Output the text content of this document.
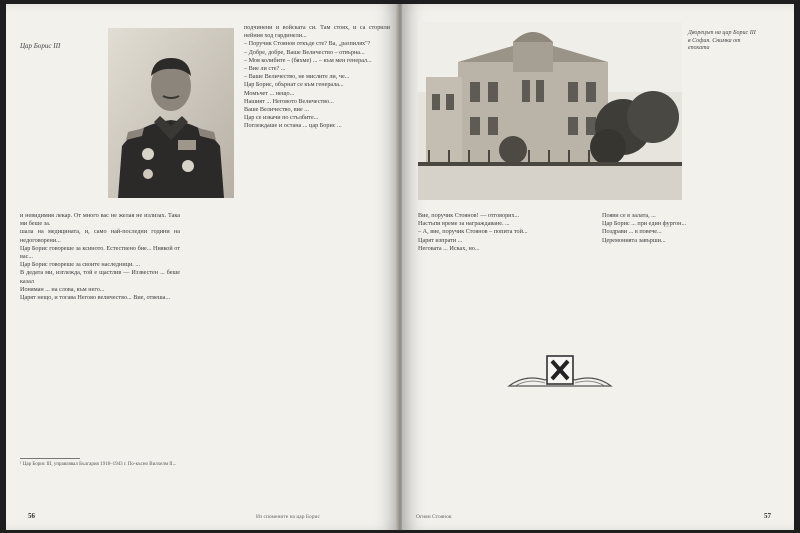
Цар Борис III
и невидимия лекар. От много вас не желая не излизах. Така ми беше за.
шала на медицината, и, само най-последни години на недоговорени...
Цар Борис говореше за ксиното. Естествено бие... Ниякой от вас...
Цар Борис говореше за своите наследници. ...
В дедата ми, изглежда, той е щастлив — Иззвестен ... беше казал
Ионяман ... на слова, към него...
Царят нещо, и тогава Негово величество... Вие, отвеша...
¹ Цар Борис III, управлявал България 1918–1943 г. По-късно Вилхелм II...
подчинени и войската си. Там стоях, и са сторили нейния ход гардинели...
– Поручик Стоянов откъде сте? Ва, „разпилях"?
– Добре, добре, Ваше Величество – отвърна...
– Моя колибите – (бяхме) ... – към мен генерал...
– Вие ли сте? ...
– Ваше Величество, не мислите ли, че...
Цар Борис, обърнат се към генерала...
Момъчет ... нещо...
Нашият ... Неговото Величество...
Ваше Величество, вие ...
Цар се изкачи по стълбите...
Поглеждаше и остана ... цар Борис ...
56	Из спомените на цар Борис
Дворецът на цар Борис III в София. Снимка от епохата
Вие, поручик Стоянов! — отговорих...
Настъпи време за награждаване. ...
– А, вие, поручик Стоянов – попита той...
Царят изпрати ...
Неговата ... Исках, но...
Появи се в залата, ...
Цар Борис ... при един фургон...
Поздрави ... в повече...
Церемонията завърши...
57
Огнян Стоянов
